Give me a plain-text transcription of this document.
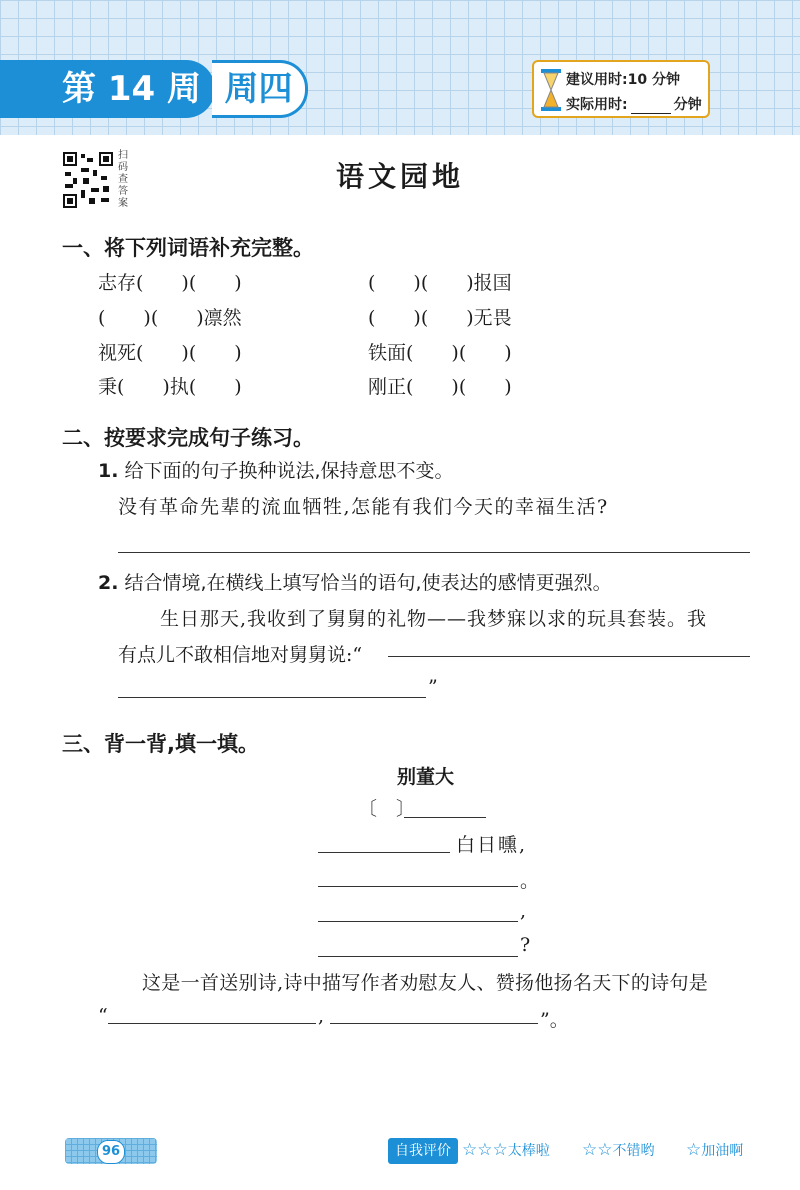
第 14 周 周四	建议用时:10 分钟
实际用时:	分钟
扫码查答案
语文园地
一、将下列词语补充完整。
志存(　　)(　　)	(　　)(　　)报国
(　　)(　　)凛然	(　　)(　　)无畏
视死(　　)(　　)	铁面(　　)(　　)
秉(　　)执(　　)	刚正(　　)(　　)
二、按要求完成句子练习。
1. 给下面的句子换种说法,保持意思不变。
没有革命先辈的流血牺牲,怎能有我们今天的幸福生活?
2. 结合情境,在横线上填写恰当的语句,使表达的感情更强烈。
生日那天,我收到了舅舅的礼物——我梦寐以求的玩具套装。我
有点儿不敢相信地对舅舅说:“
”
三、背一背,填一填。
别董大
〔　〕
白日曛,
。
,
?
这是一首送别诗,诗中描写作者劝慰友人、赞扬他扬名天下的诗句是
“	,	”。
96	自我评价 ☆☆☆太棒啦 ☆☆不错哟 ☆加油啊
